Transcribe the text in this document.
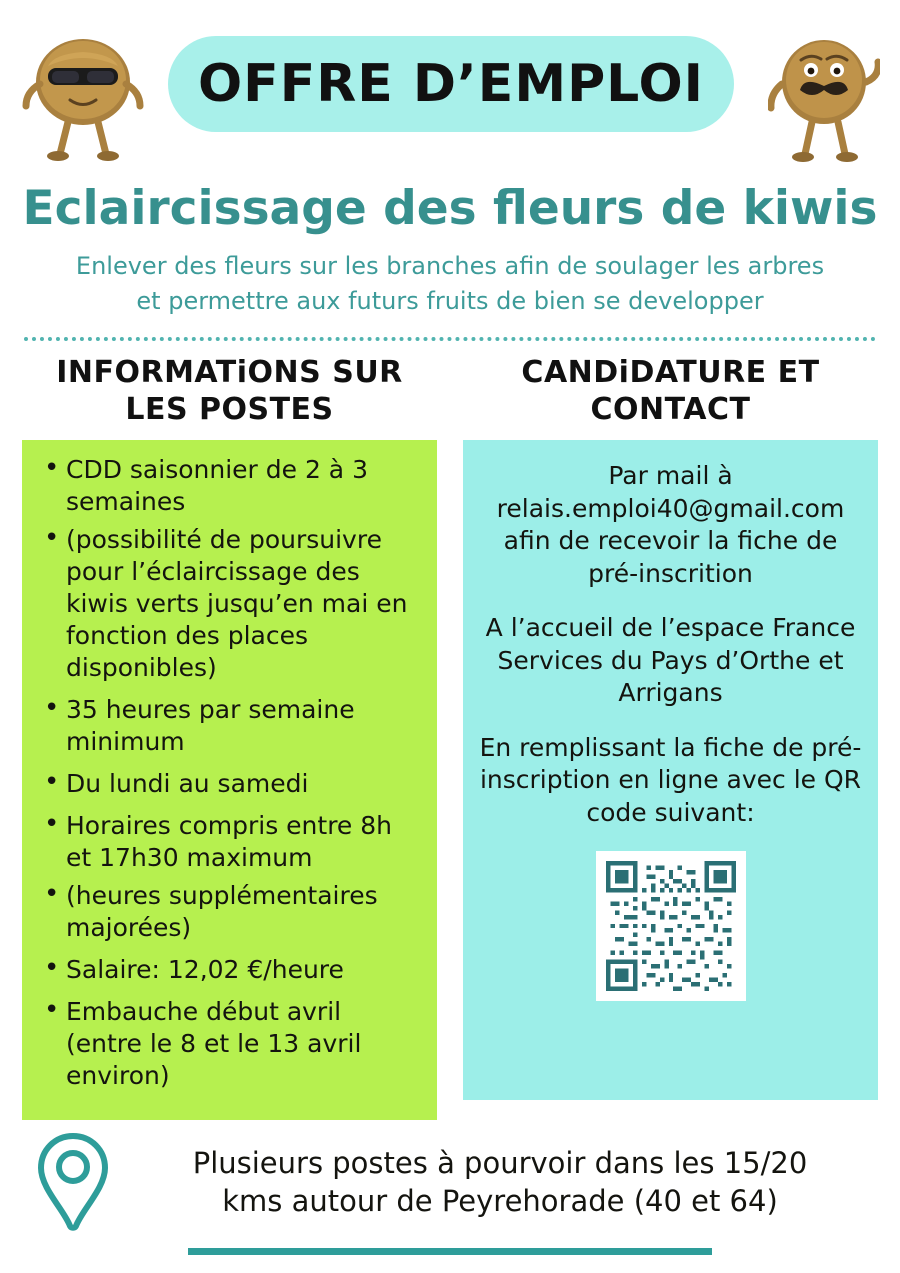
OFFRE D’EMPLOI
Eclaircissage des fleurs de kiwis
Enlever des fleurs sur les branches afin de soulager les arbres
et permettre aux futurs fruits de bien se developper
INFORMATiONS SUR
LES POSTES
• CDD saisonnier de 2 à 3 semaines
• (possibilité de poursuivre pour l’éclaircissage des kiwis verts jusqu’en mai en fonction des places disponibles)
• 35 heures par semaine minimum
• Du lundi au samedi
• Horaires compris entre 8h et 17h30 maximum
• (heures supplémentaires majorées)
• Salaire: 12,02 €/heure
• Embauche début avril (entre le 8 et le 13 avril environ)
CANDiDATURE ET
CONTACT
Par mail à relais.emploi40@gmail.com afin de recevoir la fiche de pré-inscrition
A l’accueil de l’espace France Services du Pays d’Orthe et Arrigans
En remplissant la fiche de pré-inscription en ligne avec le QR code suivant:
Plusieurs postes à pourvoir dans les 15/20
kms autour de Peyrehorade (40 et 64)
